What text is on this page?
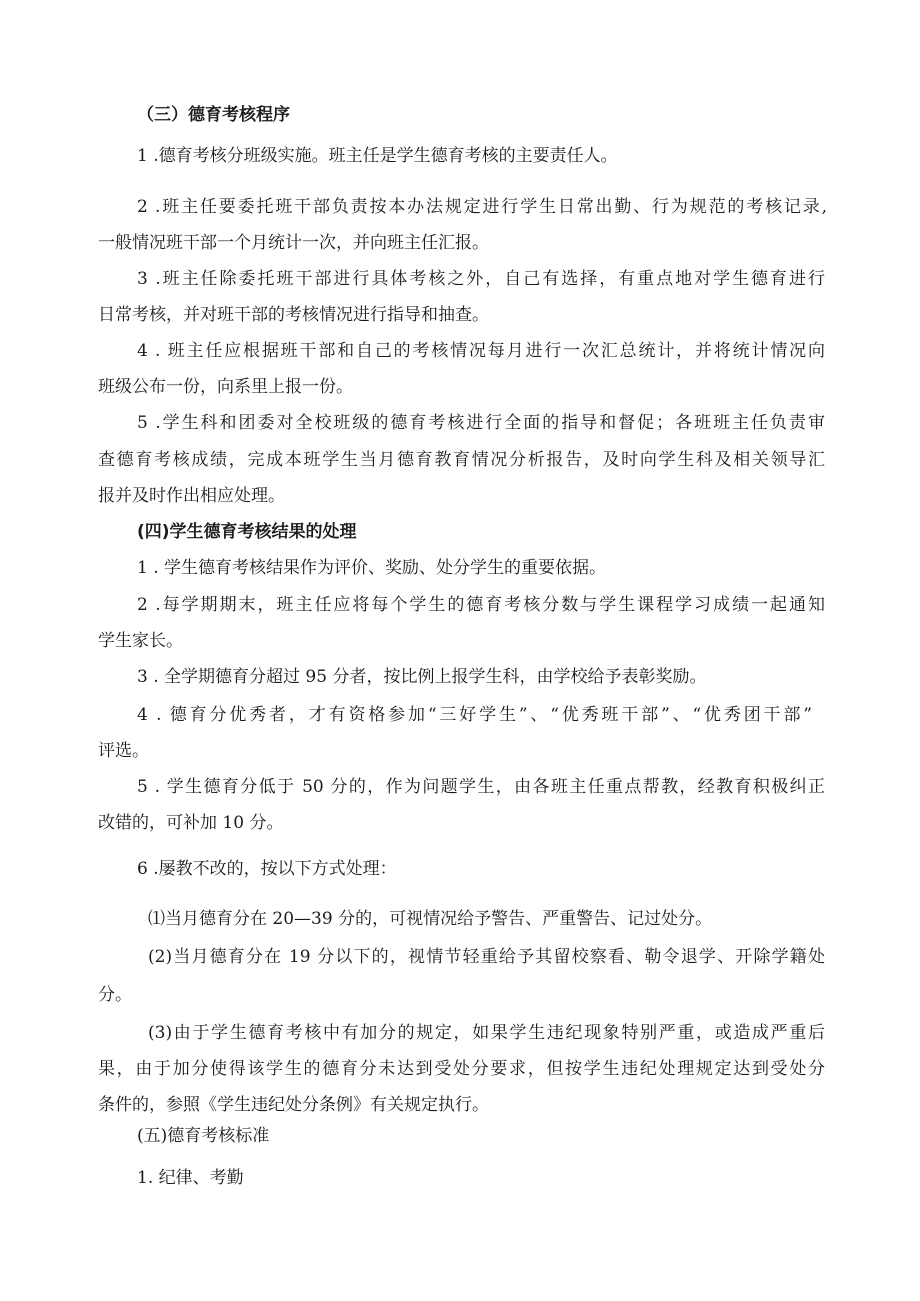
（三）德育考核程序

1 .德育考核分班级实施。班主任是学生德育考核的主要责任人。

2 .班主任要委托班干部负责按本办法规定进行学生日常出勤、行为规范的考核记录,

一般情况班干部一个月统计一次，并向班主任汇报。

3 .班主任除委托班干部进行具体考核之外，自己有选择，有重点地对学生德育进行

日常考核，并对班干部的考核情况进行指导和抽查。

4 . 班主任应根据班干部和自己的考核情况每月进行一次汇总统计，并将统计情况向

班级公布一份，向系里上报一份。

5 .学生科和团委对全校班级的德育考核进行全面的指导和督促；各班班主任负责审

查德育考核成绩，完成本班学生当月德育教育情况分析报告，及时向学生科及相关领导汇

报并及时作出相应处理。

(四)学生德育考核结果的处理

1 . 学生德育考核结果作为评价、奖励、处分学生的重要依据。

2 .每学期期末，班主任应将每个学生的德育考核分数与学生课程学习成绩一起通知

学生家长。

3 . 全学期德育分超过 95 分者，按比例上报学生科，由学校给予表彰奖励。

4 . 德育分优秀者，才有资格参加“三好学生”、“优秀班干部”、“优秀团干部”

评选。

5 . 学生德育分低于 50 分的，作为问题学生，由各班主任重点帮教，经教育积极纠正

改错的，可补加 10 分。

6 .屡教不改的，按以下方式处理：

⑴当月德育分在 20—39 分的，可视情况给予警告、严重警告、记过处分。

(2)当月德育分在 19 分以下的，视情节轻重给予其留校察看、勒令退学、开除学籍处

分。

(3)由于学生德育考核中有加分的规定，如果学生违纪现象特别严重，或造成严重后

果，由于加分使得该学生的德育分未达到受处分要求，但按学生违纪处理规定达到受处分

条件的，参照《学生违纪处分条例》有关规定执行。

(五)德育考核标准

1. 纪律、考勤
